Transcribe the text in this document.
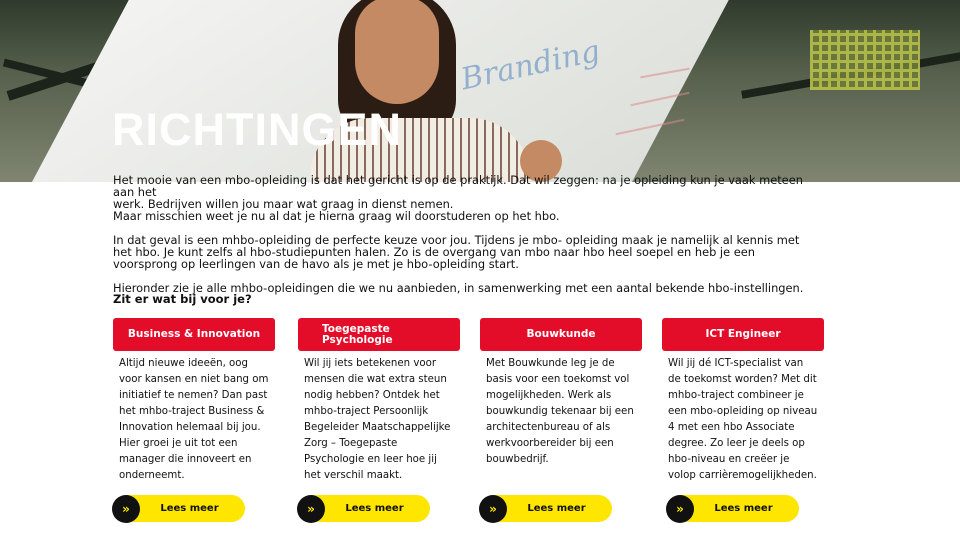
Branding
RICHTINGEN

Het mooie van een mbo-opleiding is dat het gericht is op de praktijk. Dat wil zeggen: na je opleiding kun je vaak meteen aan het
werk. Bedrijven willen jou maar wat graag in dienst nemen.
Maar misschien weet je nu al dat je hierna graag wil doorstuderen op het hbo.

In dat geval is een mhbo-opleiding de perfecte keuze voor jou. Tijdens je mbo- opleiding maak je namelijk al kennis met het hbo. Je kunt zelfs al hbo-studiepunten halen. Zo is de overgang van mbo naar hbo heel soepel en heb je een voorsprong op leerlingen van de havo als je met je hbo-opleiding start.

Hieronder zie je alle mhbo-opleidingen die we nu aanbieden, in samenwerking met een aantal bekende hbo-instellingen.

Zit er wat bij voor je?

Business & Innovation
Altijd nieuwe ideeën, oog voor kansen en niet bang om initiatief te nemen? Dan past het mhbo-traject Business & Innovation helemaal bij jou. Hier groei je uit tot een manager die innoveert en onderneemt.
Toegepaste Psychologie
Wil jij iets betekenen voor mensen die wat extra steun nodig hebben? Ontdek het mhbo-traject Persoonlijk Begeleider Maatschappelijke Zorg – Toegepaste Psychologie en leer hoe jij het verschil maakt.
Bouwkunde
Met Bouwkunde leg je de basis voor een toekomst vol mogelijkheden. Werk als bouwkundig tekenaar bij een architectenbureau of als werkvoorbereider bij een bouwbedrijf.
ICT Engineer
Wil jij dé ICT-specialist van de toekomst worden? Met dit mhbo-traject combineer je een mbo-opleiding op niveau 4 met een hbo Associate degree. Zo leer je deels op hbo-niveau en creëer je volop carrièremogelijkheden.
»	Lees meer	»	Lees meer	»	Lees meer	»	Lees meer
